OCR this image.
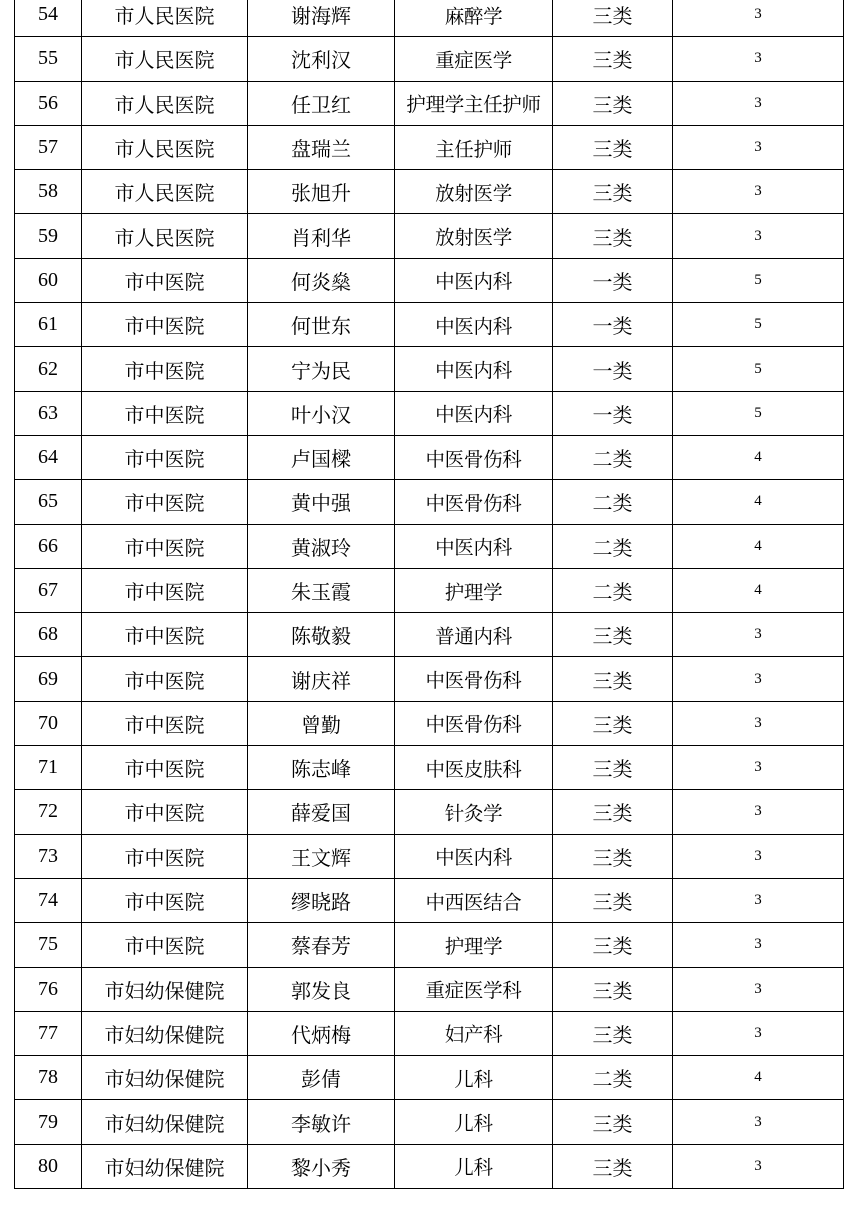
54	市人民医院	谢海辉	麻醉学	三类	3
55	市人民医院	沈利汉	重症医学	三类	3
56	市人民医院	任卫红	护理学主任护师	三类	3
57	市人民医院	盘瑞兰	主任护师	三类	3
58	市人民医院	张旭升	放射医学	三类	3
59	市人民医院	肖利华	放射医学	三类	3
60	市中医院	何炎燊	中医内科	一类	5
61	市中医院	何世东	中医内科	一类	5
62	市中医院	宁为民	中医内科	一类	5
63	市中医院	叶小汉	中医内科	一类	5
64	市中医院	卢国樑	中医骨伤科	二类	4
65	市中医院	黄中强	中医骨伤科	二类	4
66	市中医院	黄淑玲	中医内科	二类	4
67	市中医院	朱玉霞	护理学	二类	4
68	市中医院	陈敬毅	普通内科	三类	3
69	市中医院	谢庆祥	中医骨伤科	三类	3
70	市中医院	曾勤	中医骨伤科	三类	3
71	市中医院	陈志峰	中医皮肤科	三类	3
72	市中医院	薛爱国	针灸学	三类	3
73	市中医院	王文辉	中医内科	三类	3
74	市中医院	缪晓路	中西医结合	三类	3
75	市中医院	蔡春芳	护理学	三类	3
76	市妇幼保健院	郭发良	重症医学科	三类	3
77	市妇幼保健院	代炳梅	妇产科	三类	3
78	市妇幼保健院	彭倩	儿科	二类	4
79	市妇幼保健院	李敏许	儿科	三类	3
80	市妇幼保健院	黎小秀	儿科	三类	3
